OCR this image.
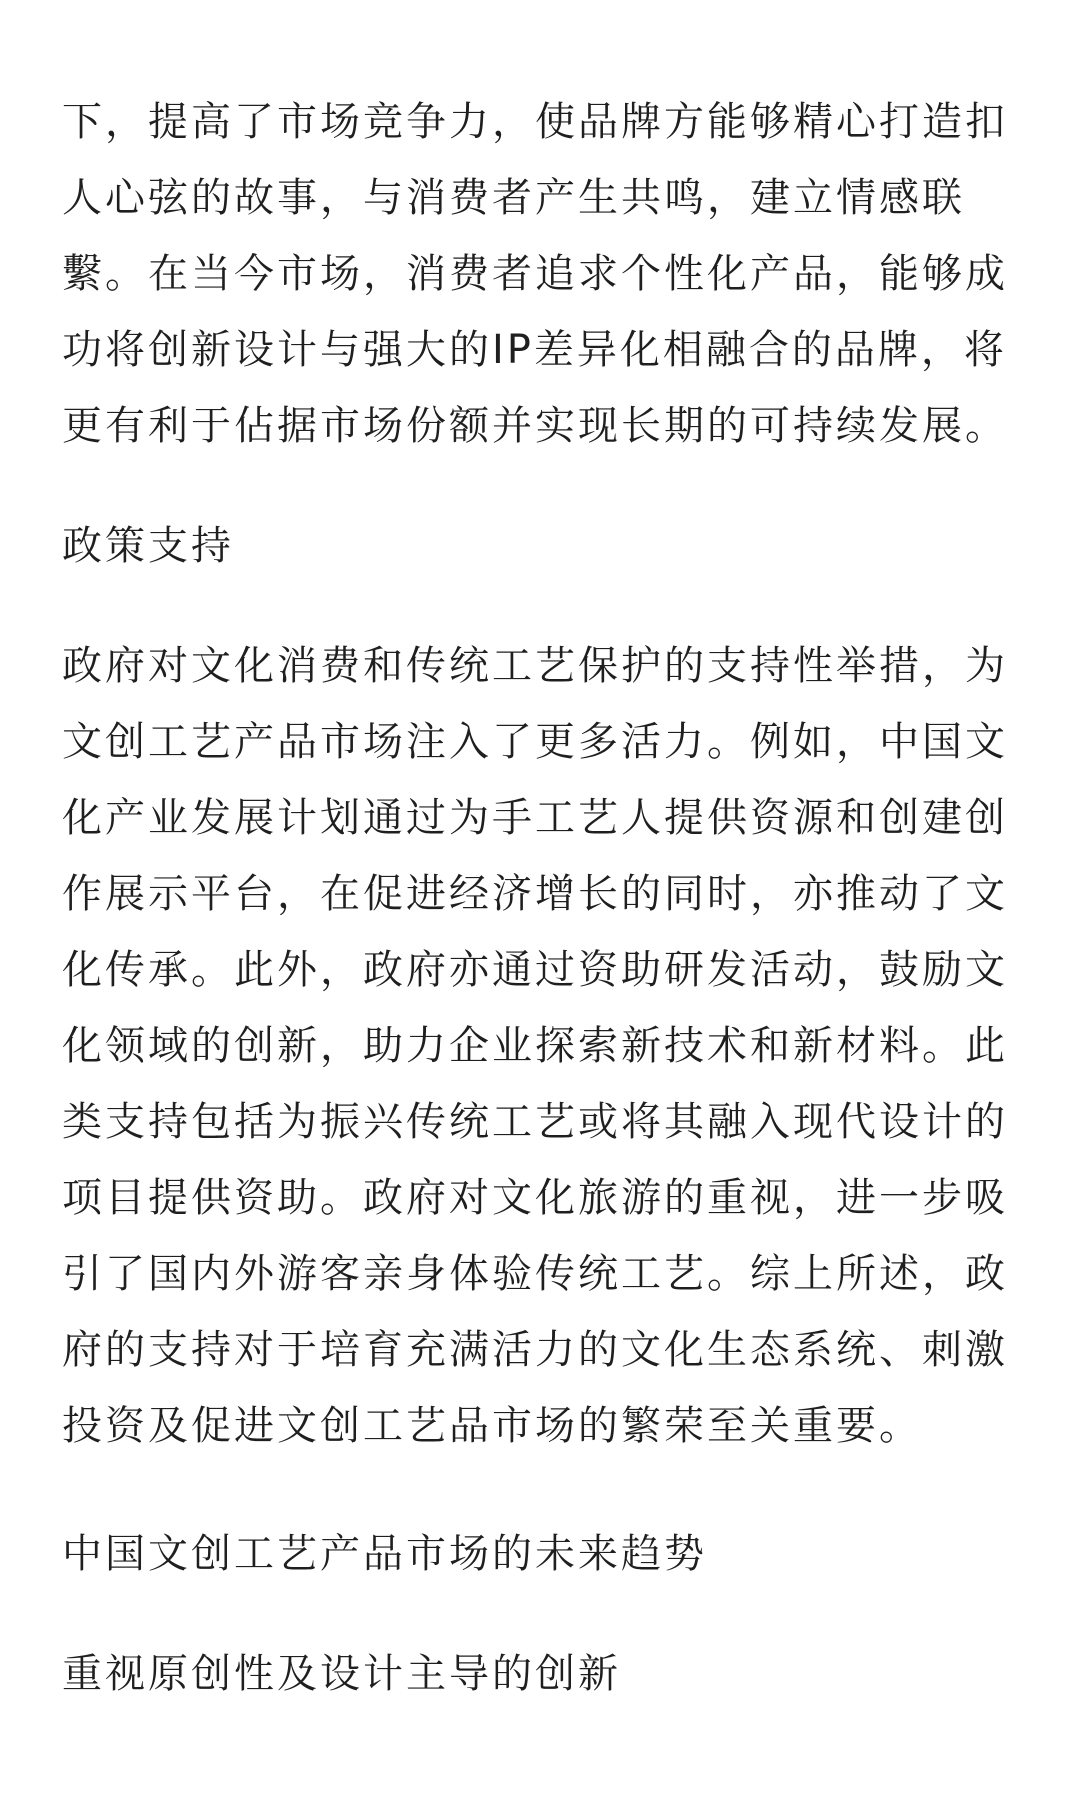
下，提高了市场竞争力，使品牌方能够精心打造扣人心弦的故事，与消费者产生共鸣，建立情感联繫。在当今市场，消费者追求个性化产品，能够成功将创新设计与强大的IP差异化相融合的品牌，将更有利于佔据市场份额并实现长期的可持续发展。

政策支持

政府对文化消费和传统工艺保护的支持性举措，为文创工艺产品市场注入了更多活力。例如，中国文化产业发展计划通过为手工艺人提供资源和创建创作展示平台，在促进经济增长的同时，亦推动了文化传承。此外，政府亦通过资助研发活动，鼓励文化领域的创新，助力企业探索新技术和新材料。此类支持包括为振兴传统工艺或将其融入现代设计的项目提供资助。政府对文化旅游的重视，进一步吸引了国内外游客亲身体验传统工艺。综上所述，政府的支持对于培育充满活力的文化生态系统、刺激投资及促进文创工艺品市场的繁荣至关重要。

中国文创工艺产品市场的未来趋势

重视原创性及设计主导的创新
